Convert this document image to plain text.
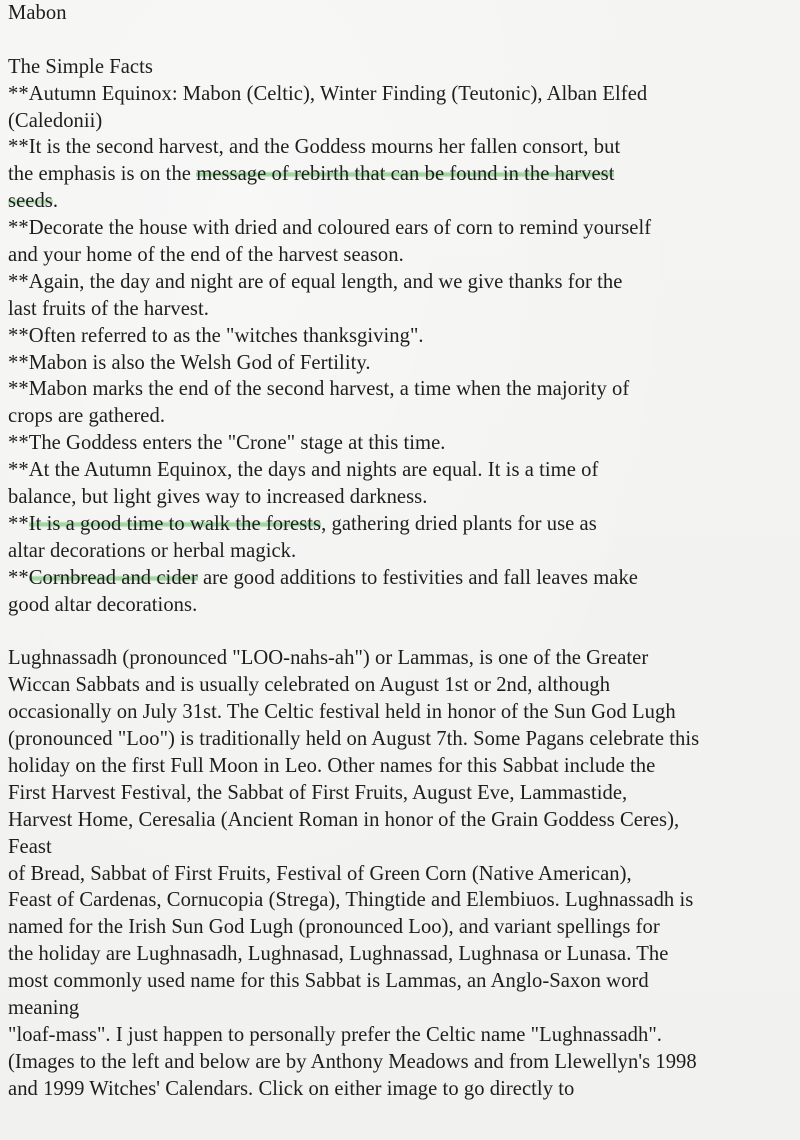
Mabon
The Simple Facts
**Autumn Equinox: Mabon (Celtic), Winter Finding (Teutonic), Alban Elfed
(Caledonii)
**It is the second harvest, and the Goddess mourns her fallen consort, but
the emphasis is on the message of rebirth that can be found in the harvest
seeds.
**Decorate the house with dried and coloured ears of corn to remind yourself
and your home of the end of the harvest season.
**Again, the day and night are of equal length, and we give thanks for the
last fruits of the harvest.
**Often referred to as the "witches thanksgiving".
**Mabon is also the Welsh God of Fertility.
**Mabon marks the end of the second harvest, a time when the majority of
crops are gathered.
**The Goddess enters the "Crone" stage at this time.
**At the Autumn Equinox, the days and nights are equal. It is a time of
balance, but light gives way to increased darkness.
**It is a good time to walk the forests, gathering dried plants for use as
altar decorations or herbal magick.
**Cornbread and cider are good additions to festivities and fall leaves make
good altar decorations.
Lughnassadh (pronounced "LOO-nahs-ah") or Lammas, is one of the Greater
Wiccan Sabbats and is usually celebrated on August 1st or 2nd, although
occasionally on July 31st. The Celtic festival held in honor of the Sun God Lugh
(pronounced "Loo") is traditionally held on August 7th. Some Pagans celebrate this
holiday on the first Full Moon in Leo. Other names for this Sabbat include the
First Harvest Festival, the Sabbat of First Fruits, August Eve, Lammastide,
Harvest Home, Ceresalia (Ancient Roman in honor of the Grain Goddess Ceres),
Feast
of Bread, Sabbat of First Fruits, Festival of Green Corn (Native American),
Feast of Cardenas, Cornucopia (Strega), Thingtide and Elembiuos. Lughnassadh is
named for the Irish Sun God Lugh (pronounced Loo), and variant spellings for
the holiday are Lughnasadh, Lughnasad, Lughnassad, Lughnasa or Lunasa. The
most commonly used name for this Sabbat is Lammas, an Anglo-Saxon word
meaning
"loaf-mass". I just happen to personally prefer the Celtic name "Lughnassadh".
(Images to the left and below are by Anthony Meadows and from Llewellyn's 1998
and 1999 Witches' Calendars. Click on either image to go directly to
